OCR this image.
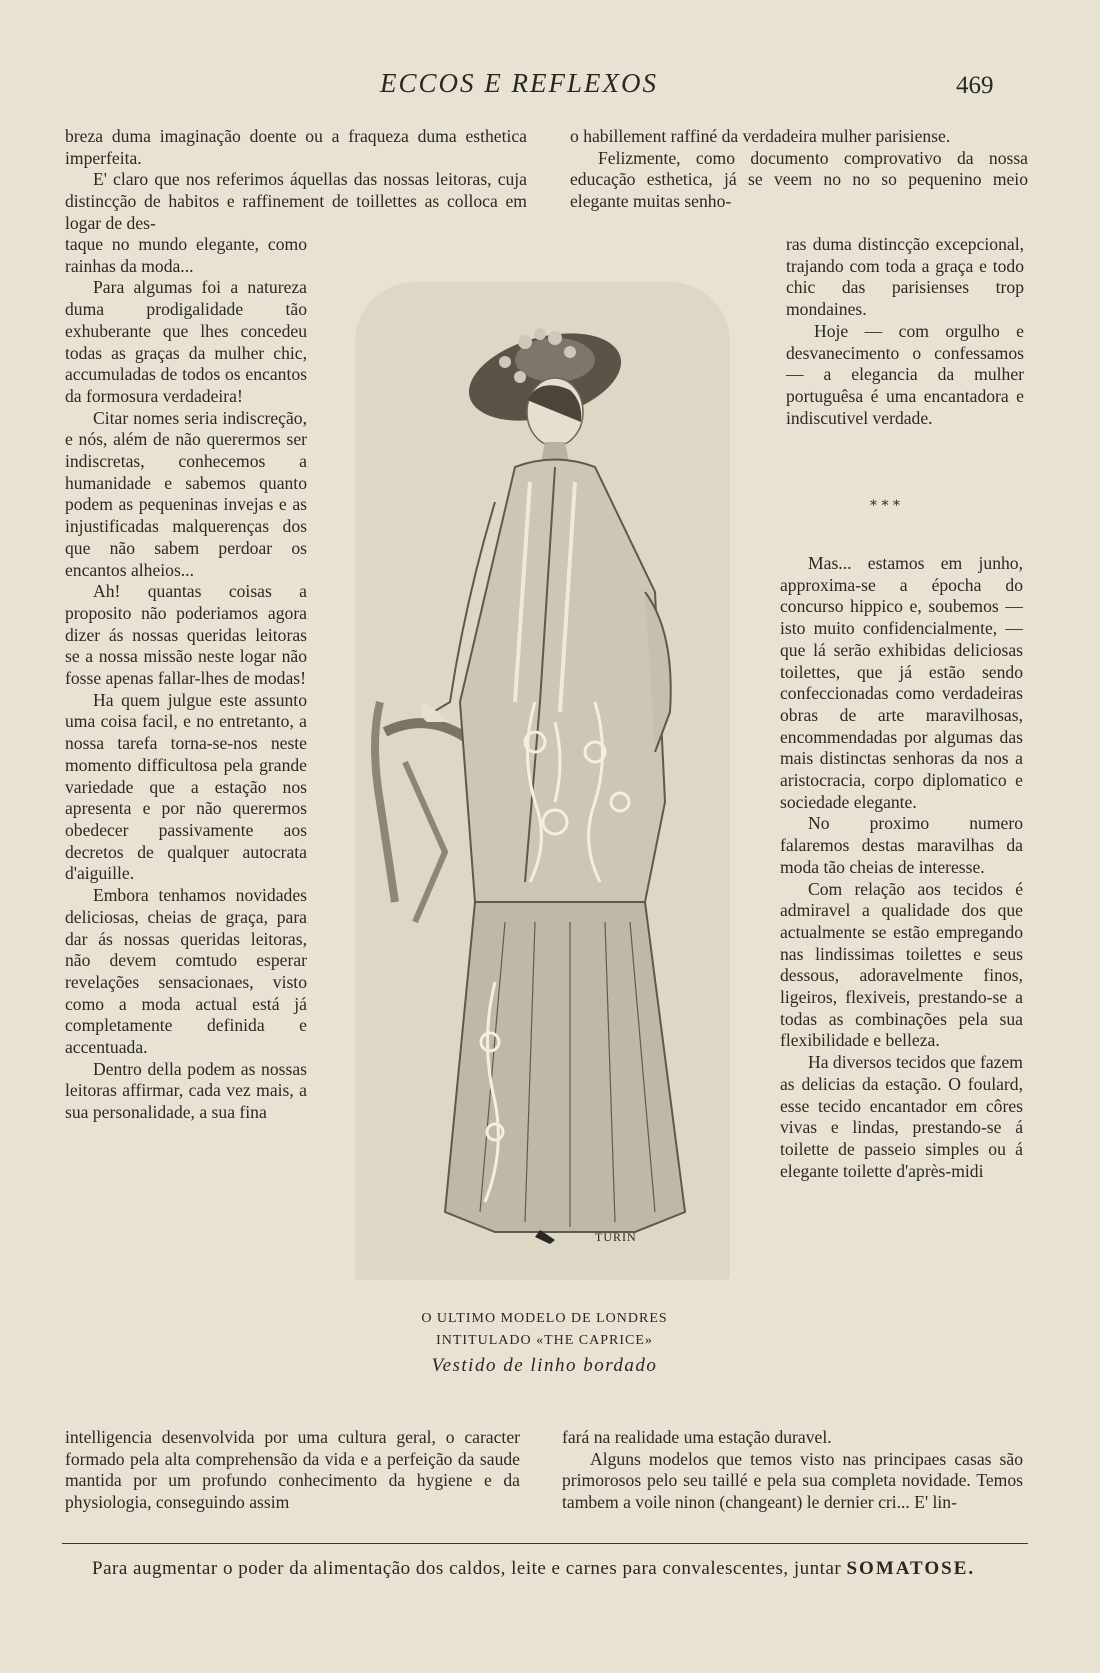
ECCOS E REFLEXOS	469

breza duma imaginação doente ou a fraqueza duma esthetica imperfeita.

E' claro que nos referimos áquellas das nossas leitoras, cuja distincção de habitos e raffinement de toillettes as colloca em logar de des-

taque no mundo elegante, como rainhas da moda...

Para algumas foi a natureza duma prodigalidade tão exhuberante que lhes concedeu todas as graças da mulher chic, accumuladas de todos os encantos da formosura verdadeira!

Citar nomes seria indiscreção, e nós, além de não querermos ser indiscretas, conhecemos a humanidade e sabemos quanto podem as pequeninas invejas e as injustificadas malquerenças dos que não sabem perdoar os encantos alheios...

Ah! quantas coisas a proposito não poderiamos agora dizer ás nossas queridas leitoras se a nossa missão neste logar não fosse apenas fallar-lhes de modas!

Ha quem julgue este assunto uma coisa facil, e no entretanto, a nossa tarefa torna-se-nos neste momento difficultosa pela grande variedade que a estação nos apresenta e por não querermos obedecer passivamente aos decretos de qualquer autocrata d'aiguille.

Embora tenhamos novidades deliciosas, cheias de graça, para dar ás nossas queridas leitoras, não devem comtudo esperar revelações sensacionaes, visto como a moda actual está já completamente definida e accentuada.

Dentro della podem as nossas leitoras affirmar, cada vez mais, a sua personalidade, a sua fina

o habillement raffiné da verdadeira mulher parisiense.

Felizmente, como documento comprovativo da nossa educação esthetica, já se veem no no so pequenino meio elegante muitas senho-

ras duma distincção excepcional, trajando com toda a graça e todo chic das parisienses trop mondaines.

Hoje — com orgulho e desvanecimento o confessamos — a elegancia da mulher portuguêsa é uma encantadora e indiscutivel verdade.

* * *

Mas... estamos em junho, approxima-se a épocha do concurso hippico e, soubemos — isto muito confidencialmente, — que lá serão exhibidas deliciosas toilettes, que já estão sendo confeccionadas como verdadeiras obras de arte maravilhosas, encommendadas por algumas das mais distinctas senhoras da nos a aristocracia, corpo diplomatico e sociedade elegante.

No proximo numero falaremos destas maravilhas da moda tão cheias de interesse.

Com relação aos tecidos é admiravel a qualidade dos que actualmente se estão empregando nas lindissimas toilettes e seus dessous, adoravelmente finos, ligeiros, flexiveis, prestando-se a todas as combinações pela sua flexibilidade e belleza.

Ha diversos tecidos que fazem as delicias da estação. O foulard, esse tecido encantador em côres vivas e lindas, prestando-se á toilette de passeio simples ou á elegante toilette d'après-midi

TURIN
O ULTIMO MODELO DE LONDRES
INTITULADO «THE CAPRICE»
Vestido de linho bordado

intelligencia desenvolvida por uma cultura geral, o caracter formado pela alta comprehensão da vida e a perfeição da saude mantida por um profundo conhecimento da hygiene e da physiologia, conseguindo assim

fará na realidade uma estação duravel.

Alguns modelos que temos visto nas principaes casas são primorosos pelo seu taillé e pela sua completa novidade. Temos tambem a voile ninon (changeant) le dernier cri... E' lin-

Para augmentar o poder da alimentação dos caldos, leite e carnes para convalescentes, juntar SOMATOSE.
